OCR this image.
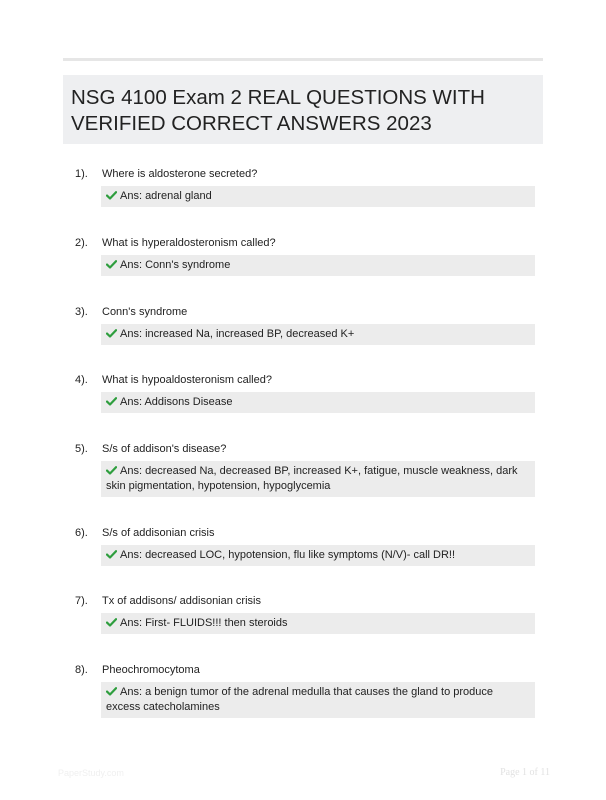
NSG 4100 Exam 2 REAL QUESTIONS WITH
VERIFIED CORRECT ANSWERS 2023
1). Where is aldosterone secreted?
Ans: adrenal gland
2). What is hyperaldosteronism called?
Ans: Conn's syndrome
3). Conn's syndrome
Ans: increased Na, increased BP, decreased K+
4). What is hypoaldosteronism called?
Ans: Addisons Disease
5). S/s of addison's disease?
Ans: decreased Na, decreased BP, increased K+, fatigue, muscle weakness, dark skin pigmentation, hypotension, hypoglycemia
6). S/s of addisonian crisis
Ans: decreased LOC, hypotension, flu like symptoms (N/V)- call DR!!
7). Tx of addisons/ addisonian crisis
Ans: First- FLUIDS!!! then steroids
8). Pheochromocytoma
Ans: a benign tumor of the adrenal medulla that causes the gland to produce excess catecholamines
PaperStudy.com	Page 1 of 11
